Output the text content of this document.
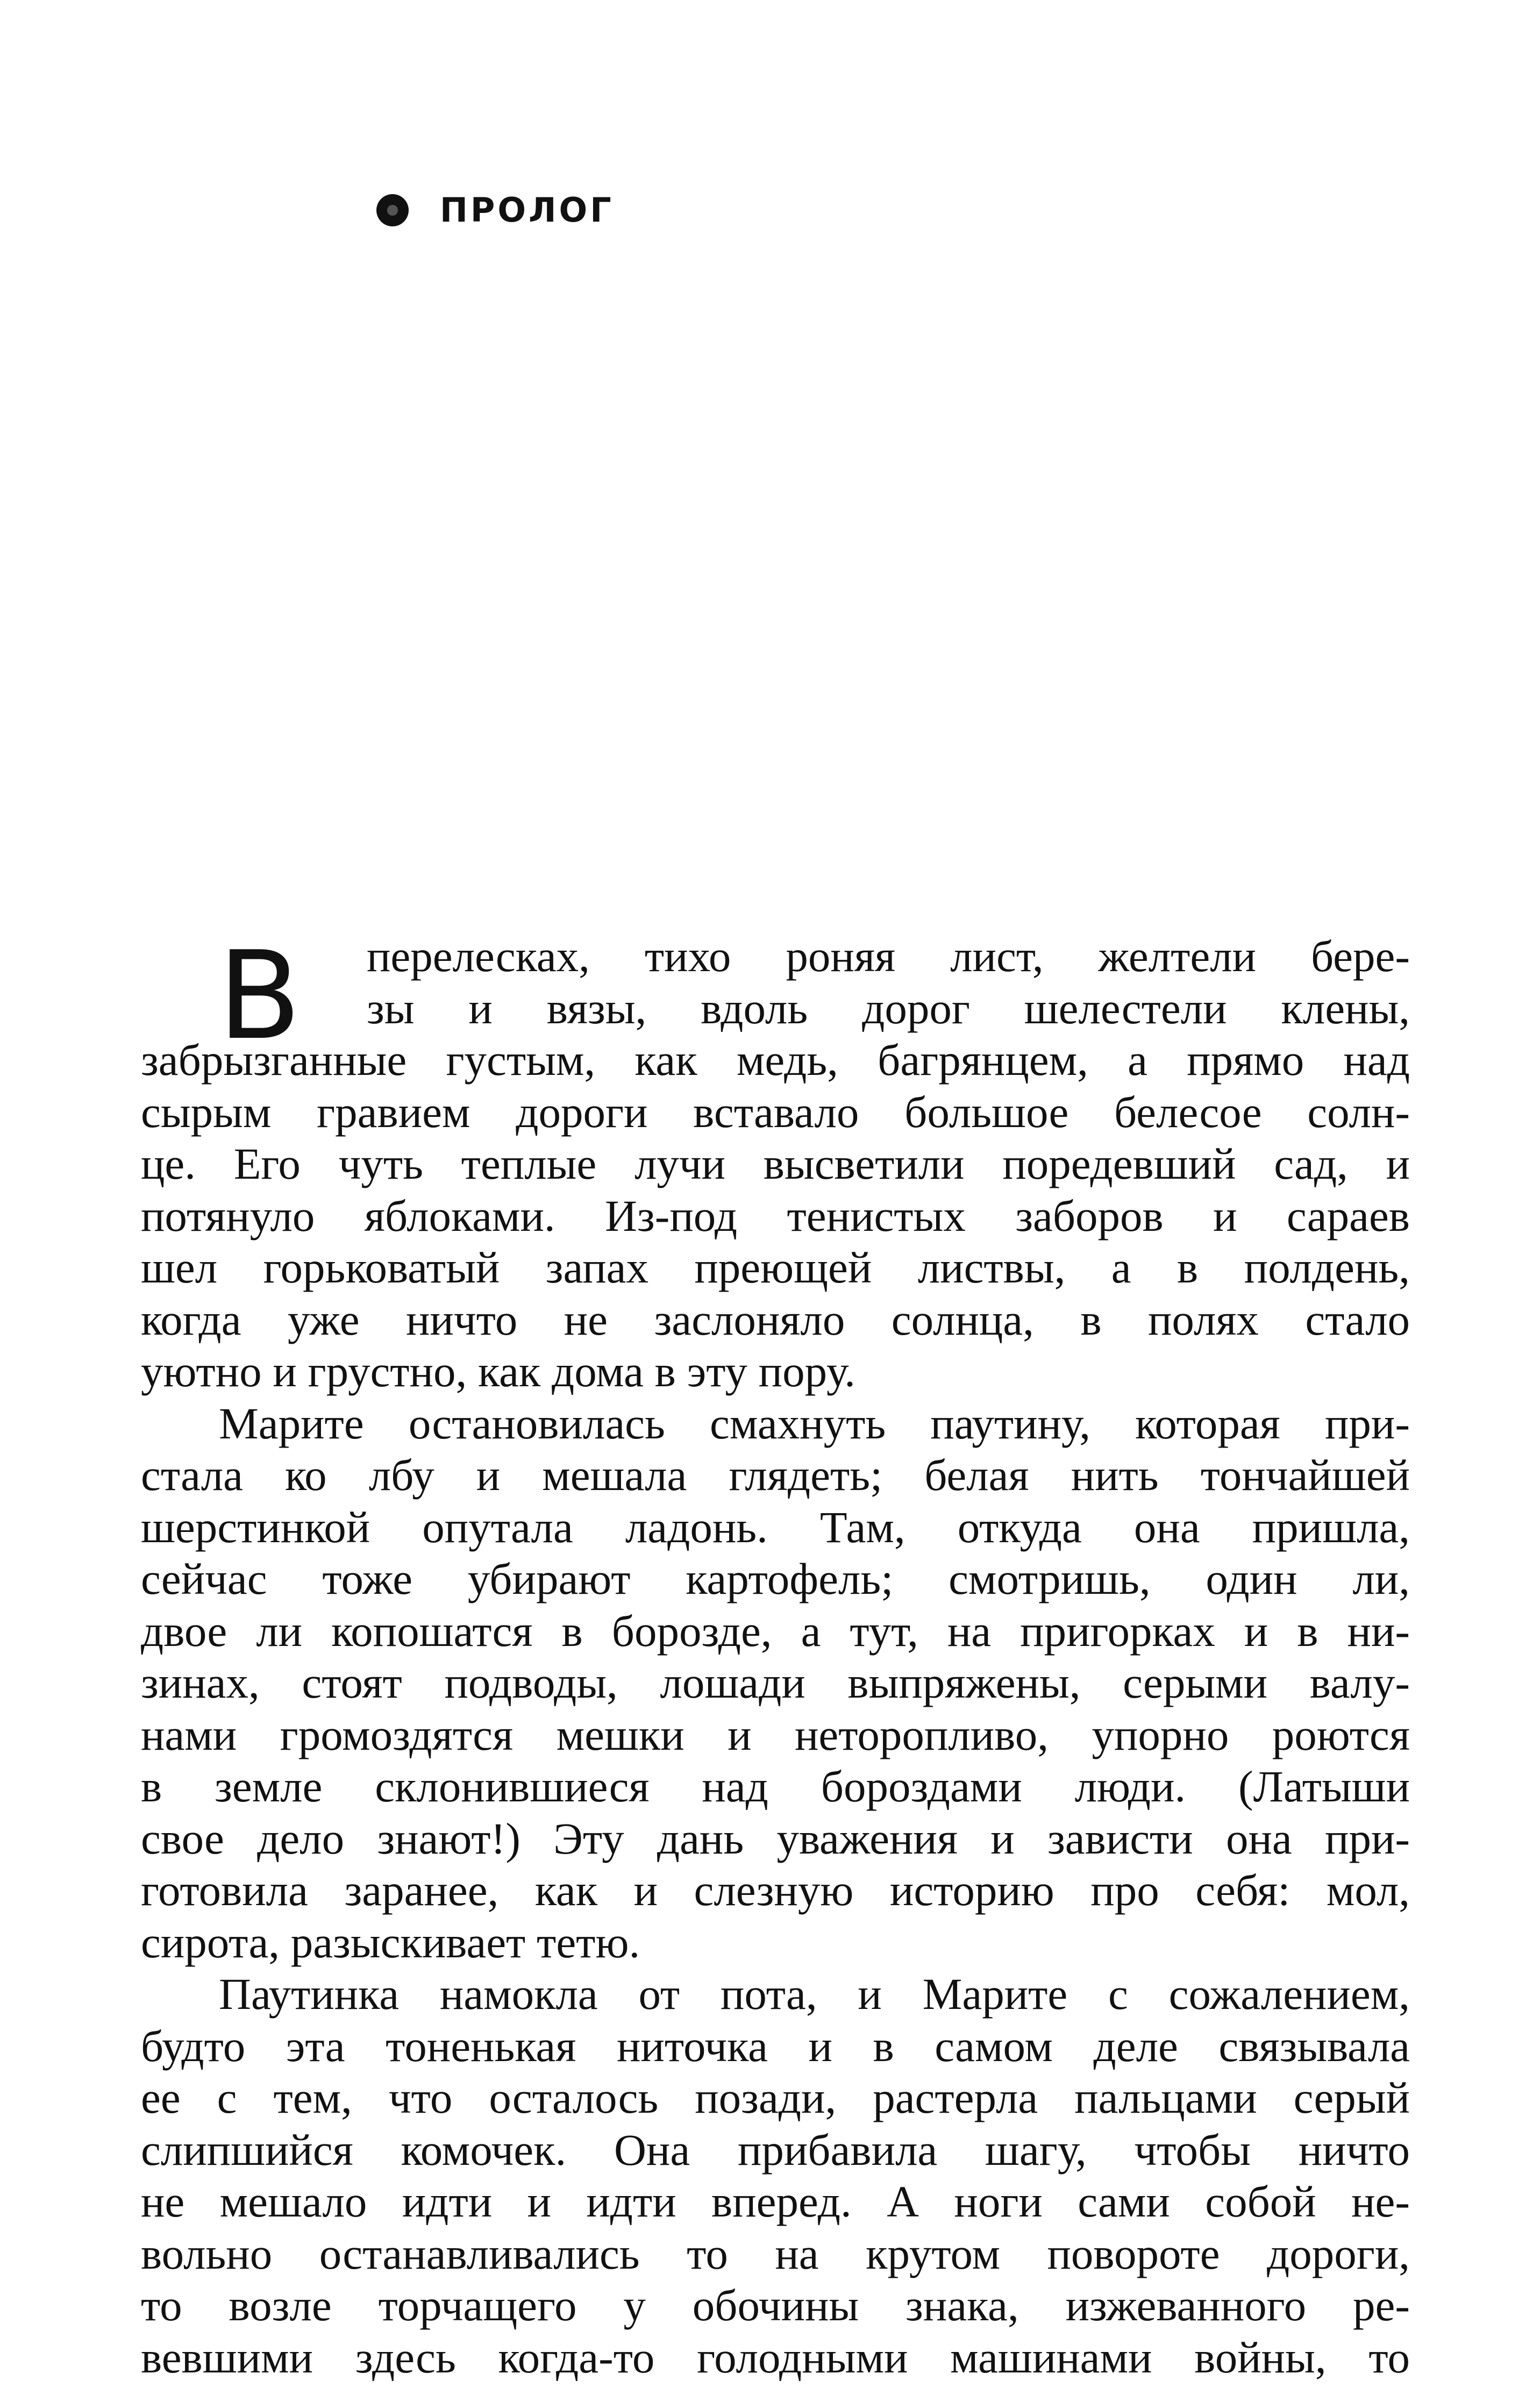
ПРОЛОГ
В	перелесках, тихо роняя лист, желтели бере-
зы и вязы, вдоль дорог шелестели клены,
забрызганные густым, как медь, багрянцем, а прямо над
сырым гравием дороги вставало большое белесое солн-
це. Его чуть теплые лучи высветили поредевший сад, и
потянуло яблоками. Из-под тенистых заборов и сараев
шел горьковатый запах преющей листвы, а в полдень,
когда уже ничто не заслоняло солнца, в полях стало
уютно и грустно, как дома в эту пору.
Марите остановилась смахнуть паутину, которая при-
стала ко лбу и мешала глядеть; белая нить тончайшей
шерстинкой опутала ладонь. Там, откуда она пришла,
сейчас тоже убирают картофель; смотришь, один ли,
двое ли копошатся в борозде, а тут, на пригорках и в ни-
зинах, стоят подводы, лошади выпряжены, серыми валу-
нами громоздятся мешки и неторопливо, упорно роются
в земле склонившиеся над бороздами люди. (Латыши
свое дело знают!) Эту дань уважения и зависти она при-
готовила заранее, как и слезную историю про себя: мол,
сирота, разыскивает тетю.
Паутинка намокла от пота, и Марите с сожалением,
будто эта тоненькая ниточка и в самом деле связывала
ее с тем, что осталось позади, растерла пальцами серый
слипшийся комочек. Она прибавила шагу, чтобы ничто
не мешало идти и идти вперед. А ноги сами собой не-
вольно останавливались то на крутом повороте дороги,
то возле торчащего у обочины знака, изжеванного ре-
вевшими здесь когда-то голодными машинами войны, то
